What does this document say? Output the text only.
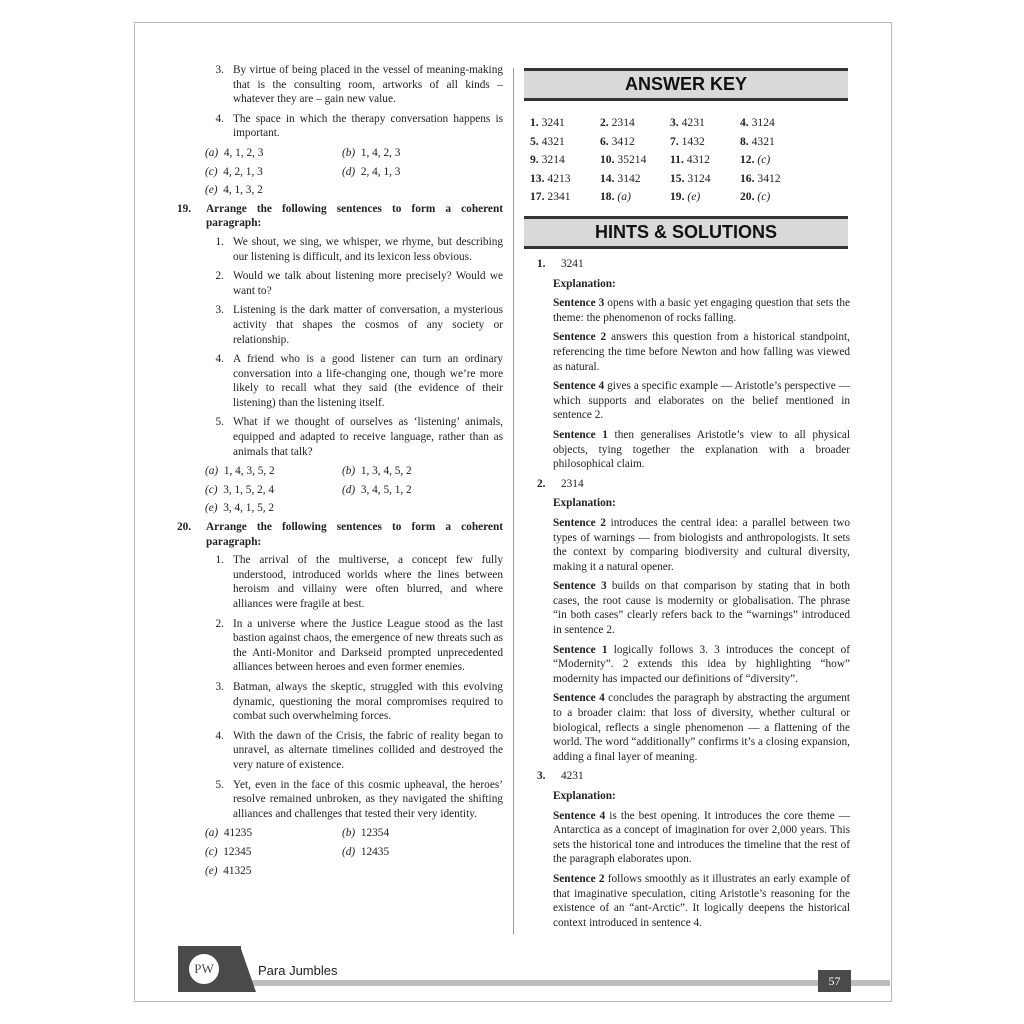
3. By virtue of being placed in the vessel of meaning-making that is the consulting room, artworks of all kinds – whatever they are – gain new value.
4. The space in which the therapy conversation happens is important.
(a) 4, 1, 2, 3	(b) 1, 4, 2, 3
(c) 4, 2, 1, 3	(d) 2, 4, 1, 3
(e) 4, 1, 3, 2
19.	Arrange the following sentences to form a coherent paragraph:
1. We shout, we sing, we whisper, we rhyme, but describing our listening is difficult, and its lexicon less obvious.
2. Would we talk about listening more precisely? Would we want to?
3. Listening is the dark matter of conversation, a mysterious activity that shapes the cosmos of any society or relationship.
4. A friend who is a good listener can turn an ordinary conversation into a life-changing one, though we’re more likely to recall what they said (the evidence of their listening) than the listening itself.
5. What if we thought of ourselves as ‘listening’ animals, equipped and adapted to receive language, rather than as animals that talk?
(a) 1, 4, 3, 5, 2	(b) 1, 3, 4, 5, 2
(c) 3, 1, 5, 2, 4	(d) 3, 4, 5, 1, 2
(e) 3, 4, 1, 5, 2
20.	Arrange the following sentences to form a coherent paragraph:
1. The arrival of the multiverse, a concept few fully understood, introduced worlds where the lines between heroism and villainy were often blurred, and where alliances were fragile at best.
2. In a universe where the Justice League stood as the last bastion against chaos, the emergence of new threats such as the Anti-Monitor and Darkseid prompted unprecedented alliances between heroes and even former enemies.
3. Batman, always the skeptic, struggled with this evolving dynamic, questioning the moral compromises required to combat such overwhelming forces.
4. With the dawn of the Crisis, the fabric of reality began to unravel, as alternate timelines collided and destroyed the very nature of existence.
5. Yet, even in the face of this cosmic upheaval, the heroes’ resolve remained unbroken, as they navigated the shifting alliances and challenges that tested their very identity.
(a) 41235	(b) 12354
(c) 12345	(d) 12435
(e) 41325
ANSWER KEY
1. 3241	2. 2314	3. 4231	4. 3124
5. 4321	6. 3412	7. 1432	8. 4321
9. 3214	10. 35214	11. 4312	12. (c)
13. 4213	14. 3142	15. 3124	16. 3412
17. 2341	18. (a)	19. (e)	20. (c)
HINTS & SOLUTIONS
1.	3241
Explanation:
Sentence 3 opens with a basic yet engaging question that sets the theme: the phenomenon of rocks falling.
Sentence 2 answers this question from a historical standpoint, referencing the time before Newton and how falling was viewed as natural.
Sentence 4 gives a specific example — Aristotle’s perspective — which supports and elaborates on the belief mentioned in sentence 2.
Sentence 1 then generalises Aristotle’s view to all physical objects, tying together the explanation with a broader philosophical claim.
2.	2314
Explanation:
Sentence 2 introduces the central idea: a parallel between two types of warnings — from biologists and anthropologists. It sets the context by comparing biodiversity and cultural diversity, making it a natural opener.
Sentence 3 builds on that comparison by stating that in both cases, the root cause is modernity or globalisation. The phrase “in both cases” clearly refers back to the “warnings” introduced in sentence 2.
Sentence 1 logically follows 3. 3 introduces the concept of “Modernity”. 2 extends this idea by highlighting “how” modernity has impacted our definitions of “diversity”.
Sentence 4 concludes the paragraph by abstracting the argument to a broader claim: that loss of diversity, whether cultural or biological, reflects a single phenomenon — a flattening of the world. The word “additionally” confirms it’s a closing expansion, adding a final layer of meaning.
3.	4231
Explanation:
Sentence 4 is the best opening. It introduces the core theme — Antarctica as a concept of imagination for over 2,000 years. This sets the historical tone and introduces the timeline that the rest of the paragraph elaborates upon.
Sentence 2 follows smoothly as it illustrates an early example of that imaginative speculation, citing Aristotle’s reasoning for the existence of an “ant-Arctic”. It logically deepens the historical context introduced in sentence 4.
PW	Para Jumbles
57
